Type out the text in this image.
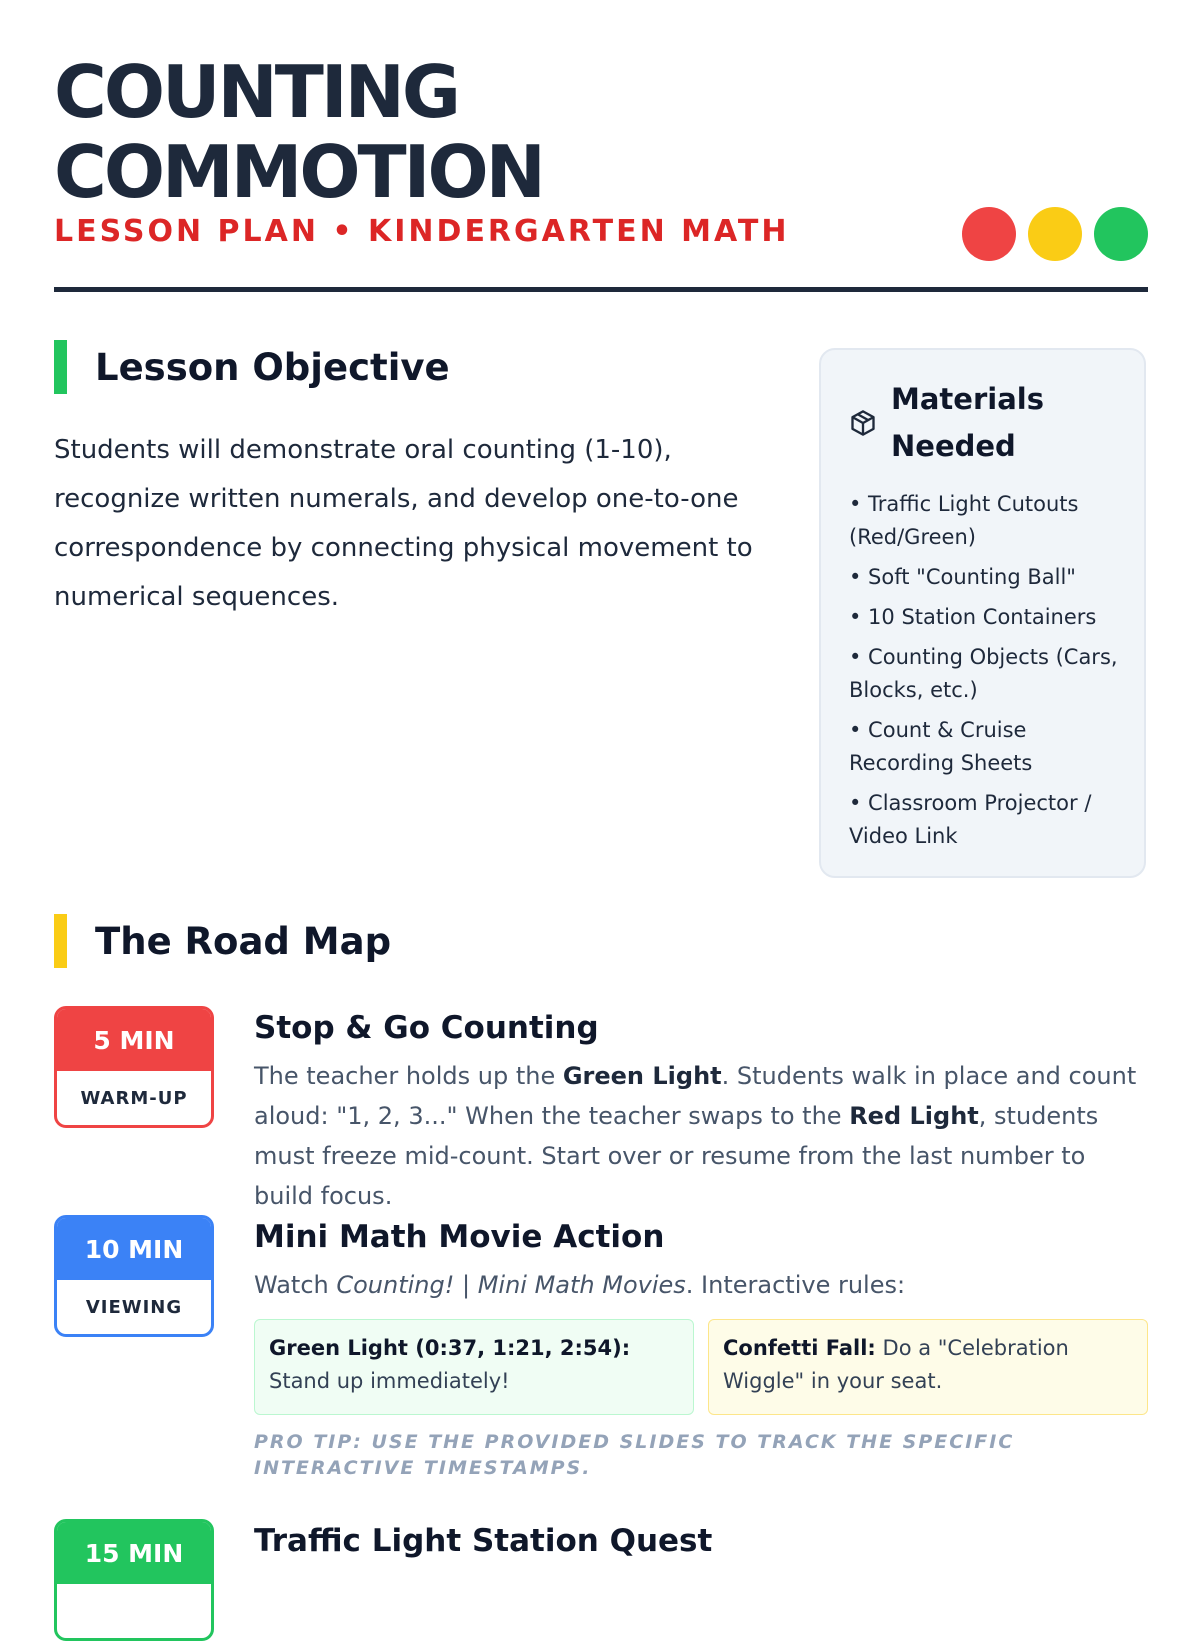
COUNTING COMMOTION
LESSON PLAN • KINDERGARTEN MATH
Lesson Objective
Students will demonstrate oral counting (1-10), recognize written numerals, and develop one-to-one correspondence by connecting physical movement to numerical sequences.
Materials Needed
• Traffic Light Cutouts (Red/Green)
• Soft "Counting Ball"
• 10 Station Containers
• Counting Objects (Cars, Blocks, etc.)
• Count & Cruise Recording Sheets
• Classroom Projector / Video Link
The Road Map
5 MIN
WARM-UP
Stop & Go Counting
The teacher holds up the Green Light. Students walk in place and count aloud: "1, 2, 3..." When the teacher swaps to the Red Light, students must freeze mid-count. Start over or resume from the last number to build focus.
10 MIN
VIEWING
Mini Math Movie Action
Watch Counting! | Mini Math Movies. Interactive rules:
Green Light (0:37, 1:21, 2:54): Stand up immediately!
Confetti Fall: Do a "Celebration Wiggle" in your seat.
PRO TIP: USE THE PROVIDED SLIDES TO TRACK THE SPECIFIC INTERACTIVE TIMESTAMPS.
15 MIN	Traffic Light Station Quest
